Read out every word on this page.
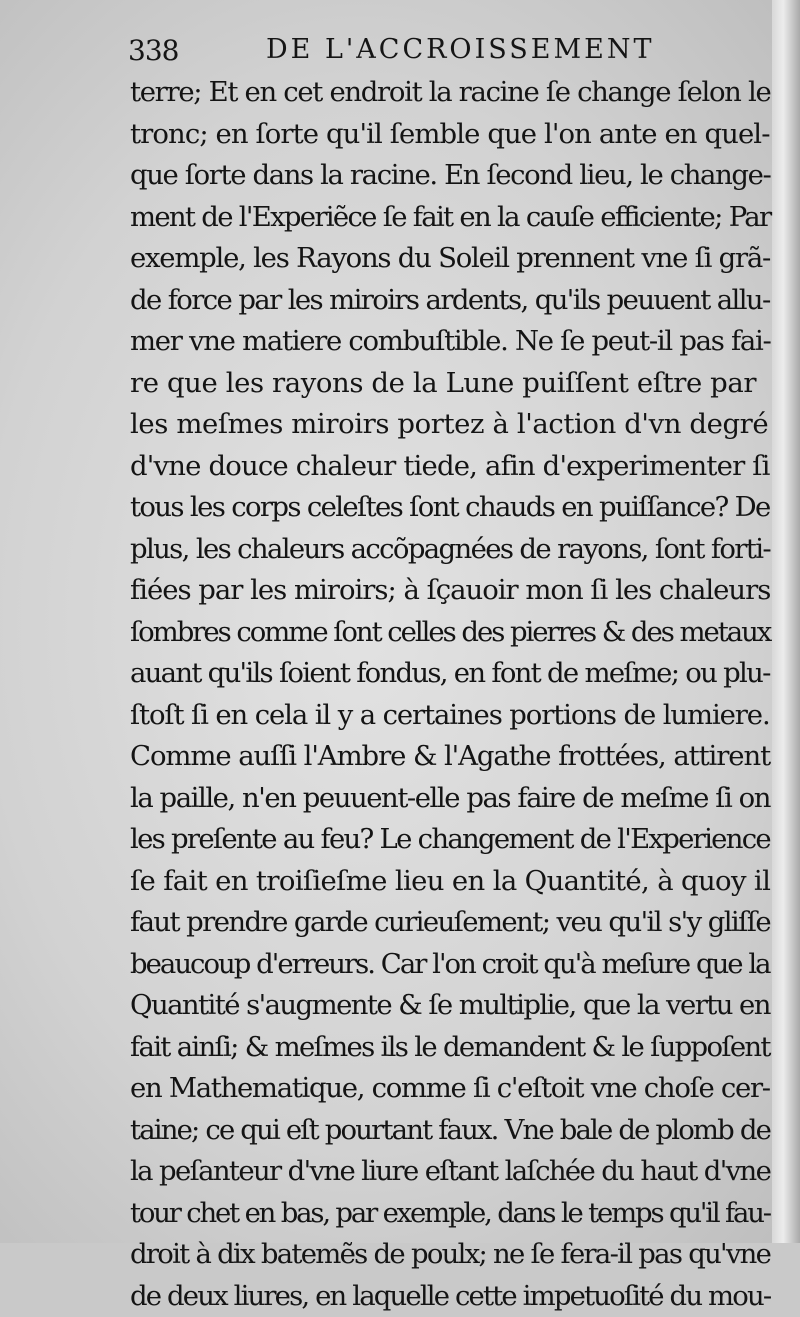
338	DE L'ACCROISSEMENT
terre; Et en cet endroit la racine ſe change ſelon le
tronc; en ſorte qu'il ſemble que l'on ante en quel-
que ſorte dans la racine. En ſecond lieu, le change-
ment de l'Experiẽce ſe fait en la cauſe efficiente; Par
exemple, les Rayons du Soleil prennent vne ſi grã-
de force par les miroirs ardents, qu'ils peuuent allu-
mer vne matiere combuſtible. Ne ſe peut-il pas fai-
re que les rayons de la Lune puiſſent eſtre par
les meſmes miroirs portez à l'action d'vn degré
d'vne douce chaleur tiede, afin d'experimenter ſi
tous les corps celeſtes ſont chauds en puiſſance? De
plus, les chaleurs accõpagnées de rayons, ſont forti-
fiées par les miroirs; à ſçauoir mon ſi les chaleurs
ſombres comme ſont celles des pierres & des metaux
auant qu'ils ſoient fondus, en font de meſme; ou plu-
ſtoſt ſi en cela il y a certaines portions de lumiere.
Comme auſſi l'Ambre & l'Agathe frottées, attirent
la paille, n'en peuuent-elle pas faire de meſme ſi on
les preſente au feu? Le changement de l'Experience
ſe fait en troiſieſme lieu en la Quantité, à quoy il
faut prendre garde curieuſement; veu qu'il s'y gliſſe
beaucoup d'erreurs. Car l'on croit qu'à meſure que la
Quantité s'augmente & ſe multiplie, que la vertu en
fait ainſi; & meſmes ils le demandent & le ſuppoſent
en Mathematique, comme ſi c'eſtoit vne choſe cer-
taine; ce qui eſt pourtant faux. Vne bale de plomb de
la peſanteur d'vne liure eſtant laſchée du haut d'vne
tour chet en bas, par exemple, dans le temps qu'il fau-
droit à dix batemẽs de poulx; ne ſe fera-il pas qu'vne
de deux liures, en laquelle cette impetuoſité du mou-
